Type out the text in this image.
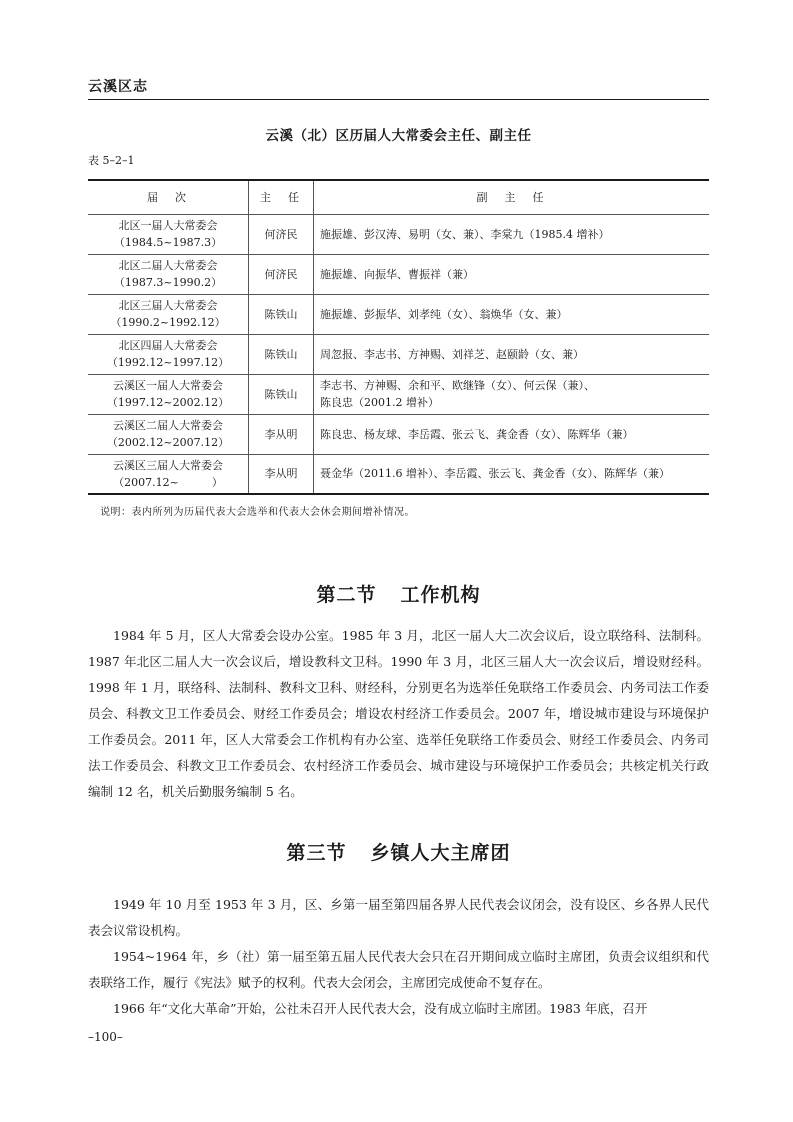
云溪区志
云溪（北）区历届人大常委会主任、副主任
表 5–2–1
届　次	主　任	副　主　任

北区一届人大常委会
（1984.5~1987.3）	何济民	施振雄、彭汉涛、易明（女、兼）、李棠九（1985.4 增补）

北区二届人大常委会
（1987.3~1990.2）	何济民	施振雄、向振华、曹振祥（兼）

北区三届人大常委会
（1990.2~1992.12）	陈铁山	施振雄、彭振华、刘孝纯（女）、翁焕华（女、兼）

北区四届人大常委会
（1992.12~1997.12）	陈铁山	周忽报、李志书、方神赐、刘祥芝、赵颐龄（女、兼）

云溪区一届人大常委会
（1997.12~2002.12）	陈铁山	李志书、方神赐、余和平、欧继锋（女）、何云保（兼）、
陈良忠（2001.2 增补）

云溪区二届人大常委会
（2002.12~2007.12）	李从明	陈良忠、杨友球、李岳霞、张云飞、龚金香（女）、陈辉华（兼）

云溪区三届人大常委会
（2007.12~　　　）	李从明	聂金华（2011.6 增补）、李岳霞、张云飞、龚金香（女）、陈辉华（兼）
说明：表内所列为历届代表大会选举和代表大会休会期间增补情况。
第二节 工作机构

1984 年 5 月，区人大常委会设办公室。1985 年 3 月，北区一届人大二次会议后，设立联络科、法制科。1987 年北区二届人大一次会议后，增设教科文卫科。1990 年 3 月，北区三届人大一次会议后，增设财经科。1998 年 1 月，联络科、法制科、教科文卫科、财经科，分别更名为选举任免联络工作委员会、内务司法工作委员会、科教文卫工作委员会、财经工作委员会；增设农村经济工作委员会。2007 年，增设城市建设与环境保护工作委员会。2011 年，区人大常委会工作机构有办公室、选举任免联络工作委员会、财经工作委员会、内务司法工作委员会、科教文卫工作委员会、农村经济工作委员会、城市建设与环境保护工作委员会；共核定机关行政编制 12 名，机关后勤服务编制 5 名。

第三节 乡镇人大主席团

1949 年 10 月至 1953 年 3 月，区、乡第一届至第四届各界人民代表会议闭会，没有设区、乡各界人民代表会议常设机构。

1954~1964 年，乡（社）第一届至第五届人民代表大会只在召开期间成立临时主席团，负责会议组织和代表联络工作，履行《宪法》赋予的权利。代表大会闭会，主席团完成使命不复存在。

1966 年“文化大革命”开始，公社未召开人民代表大会，没有成立临时主席团。1983 年底，召开

–100–
